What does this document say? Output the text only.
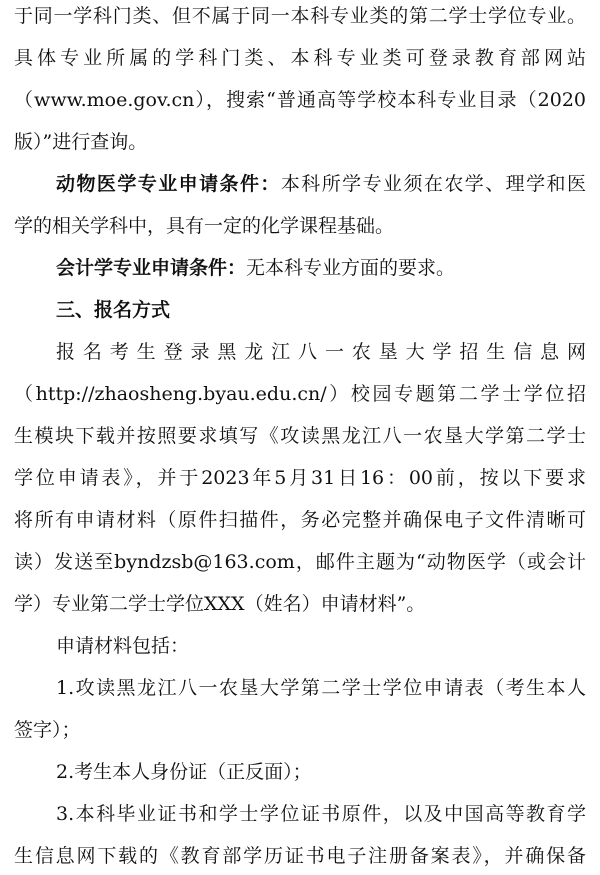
于同一学科门类、但不属于同一本科专业类的第二学士学位专业。
具体专业所属的学科门类、本科专业类可登录教育部网站
（www.moe.gov.cn），搜索“普通高等学校本科专业目录（2020
版）”进行查询。
动物医学专业申请条件：本科所学专业须在农学、理学和医
学的相关学科中，具有一定的化学课程基础。
会计学专业申请条件：无本科专业方面的要求。
三、报名方式
报名考生登录黑龙江八一农垦大学招生信息网
（http://zhaosheng.byau.edu.cn/）校园专题第二学士学位招
生模块下载并按照要求填写《攻读黑龙江八一农垦大学第二学士
学位申请表》，并于2023年5月31日16：00前，按以下要求
将所有申请材料（原件扫描件，务必完整并确保电子文件清晰可
读）发送至byndzsb@163.com，邮件主题为“动物医学（或会计
学）专业第二学士学位XXX（姓名）申请材料”。
申请材料包括：
1.攻读黑龙江八一农垦大学第二学士学位申请表（考生本人
签字）；
2.考生本人身份证（正反面）；
3.本科毕业证书和学士学位证书原件，以及中国高等教育学
生信息网下载的《教育部学历证书电子注册备案表》，并确保备
